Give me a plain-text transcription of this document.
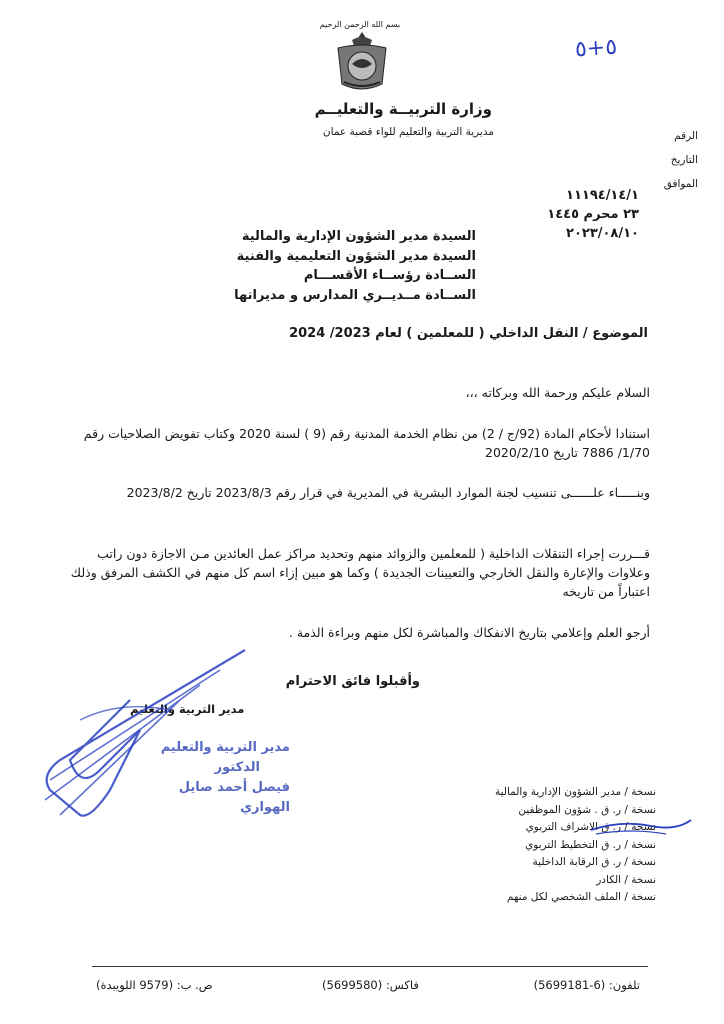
بسم الله الرحمن الرحيم
وزارة التربيــة والتعليــم
مديرية التربية والتعليم للواء قصبة عمان
٥+٥
الرقم
التاريخ
الموافق
١١١٩٤/١٤/١
٢٣ محرم ١٤٤٥
٢٠٢٣/٠٨/١٠
السيدة مدير الشؤون الإدارية والمالية
السيدة مدير الشؤون التعليمية والفنية
الســادة رؤســاء الأقســـام
الســادة مــديــري المدارس و مديراتها
الموضوع / النقل الداخلي ( للمعلمين ) لعام 2023/ 2024
السلام عليكم ورحمة الله وبركاته ،،،
استنادا لأحكام المادة (92/ج / 2) من نظام الخدمة المدنية رقم (9 ) لسنة 2020 وكتاب تفويض الصلاحيات رقم 1/70/ 7886 تاريخ 2020/2/10
وبنـــــاء علــــــى تنسيب لجنة الموارد البشرية في المديرية في قرار رقم 2023/8/3 تاريخ 2023/8/2
قـــررت إجراء التنقلات الداخلية ( للمعلمين والزوائد منهم وتحديد مراكز عمل العائدين مـن الاجازة دون راتب وعلاوات والإعارة والنقل الخارجي والتعيينات الجديدة ) وكما هو مبين إزاء اسم كل منهم في الكشف المرفق وذلك اعتباراً من تاريخه
أرجو العلم وإعلامي بتاريخ الانفكاك والمباشرة لكل منهم وبراءة الذمة .
وأقبلوا فائق الاحترام
مدير التربية والتعليم
مدير التربية والتعليم
الدكتور
فيصل أحمد صايل الهواري
نسخة / مدير الشؤون الإدارية والمالية
نسخة / ر. ق . شؤون الموظفين
نسخة / ر. ق الاشراف التربوي
نسخة / ر. ق التخطيط التربوي
نسخة / ر. ق الرقابة الداخلية
نسخة / الكادر
نسخة / الملف الشخصي لكل منهم
تلفون: (6-5699181)
فاكس: (5699580)
ص. ب: (9579 اللويبدة)
